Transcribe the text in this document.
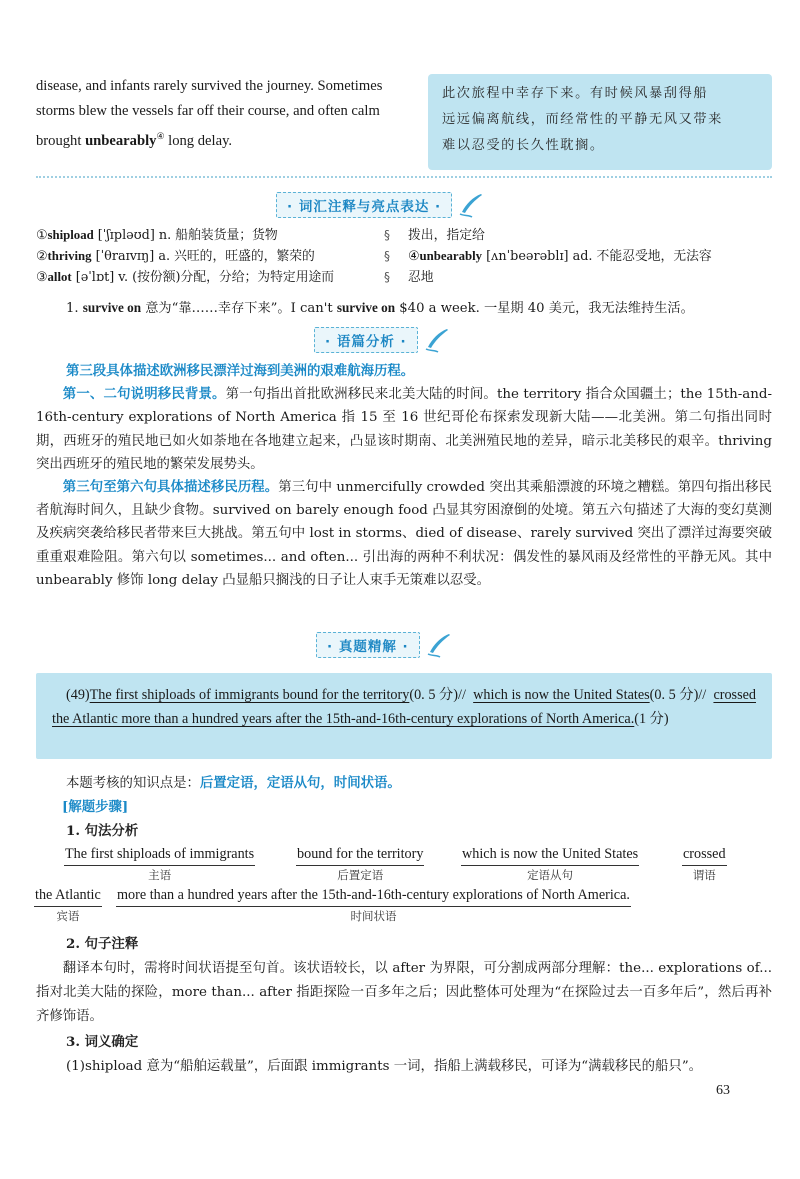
disease, and infants rarely survived the journey. Sometimes storms blew the vessels far off their course, and often calm brought unbearably④ long delay.
此次旅程中幸存下来。有时候风暴刮得船
远远偏离航线，而经常性的平静无风又带来
难以忍受的长久性耽搁。
· 词汇注释与亮点表达 ·
①shipload [ˈʃɪpləʊd] n. 船舶装货量；货物
②thriving [ˈθraɪvɪŋ] a. 兴旺的，旺盛的，繁荣的
③allot [əˈlɒt] v. (按份额)分配，分给；为特定用途而
§
§
§
拨出，指定给
④unbearably [ʌnˈbeərəblɪ] ad. 不能忍受地，无法容
忍地
1. survive on 意为“靠……幸存下来”。I can't survive on $40 a week. 一星期 40 美元，我无法维持生活。
· 语篇分析 ·

第三段具体描述欧洲移民漂洋过海到美洲的艰难航海历程。

第一、二句说明移民背景。第一句指出首批欧洲移民来北美大陆的时间。the territory 指合众国疆土；the 15th-and-16th-century explorations of North America 指 15 至 16 世纪哥伦布探索发现新大陆——北美洲。第二句指出同时期，西班牙的殖民地已如火如荼地在各地建立起来，凸显该时期南、北美洲殖民地的差异，暗示北美移民的艰辛。thriving 突出西班牙的殖民地的繁荣发展势头。

第三句至第六句具体描述移民历程。第三句中 unmercifully crowded 突出其乘船漂渡的环境之糟糕。第四句指出移民者航海时间久，且缺少食物。survived on barely enough food 凸显其穷困潦倒的处境。第五六句描述了大海的变幻莫测及疾病突袭给移民者带来巨大挑战。第五句中 lost in storms、died of disease、rarely survived 突出了漂洋过海要突破重重艰难险阻。第六句以 sometimes... and often... 引出海的两种不利状况：偶发性的暴风雨及经常性的平静无风。其中 unbearably 修饰 long delay 凸显船只搁浅的日子让人束手无策难以忍受。

· 真题精解 ·
(49)The first shiploads of immigrants bound for the territory(0. 5 分)// which is now the United States(0. 5 分)// crossed the Atlantic more than a hundred years after the 15th-and-16th-century explorations of North America.(1 分)
本题考核的知识点是：后置定语，定语从句，时间状语。
[解题步骤]
1. 句法分析
The first shiploads of immigrants
主语
bound for the territory
后置定语
which is now the United States
定语从句
crossed
谓语
the Atlantic
宾语
more than a hundred years after the 15th-and-16th-century explorations of North America.
时间状语
2. 句子注释
翻译本句时，需将时间状语提至句首。该状语较长，以 after 为界限，可分割成两部分理解：the... explorations of... 指对北美大陆的探险，more than... after 指距探险一百多年之后；因此整体可处理为“在探险过去一百多年后”，然后再补齐修饰语。
3. 词义确定
(1)shipload 意为“船舶运载量”，后面跟 immigrants 一词，指船上满载移民，可译为“满载移民的船只”。
63
